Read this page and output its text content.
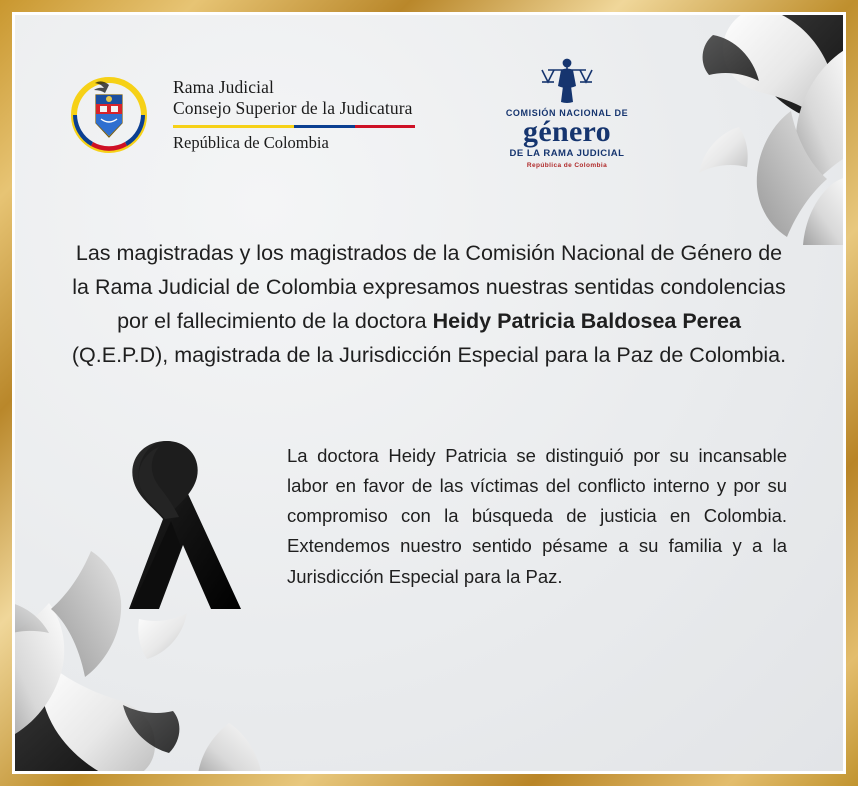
Rama Judicial
Consejo Superior de la Judicatura
República de Colombia
COMISIÓN NACIONAL DE
género
DE LA RAMA JUDICIAL
República de Colombia
Las magistradas y los magistrados de la Comisión Nacional de Género de la Rama Judicial de Colombia expresamos nuestras sentidas condolencias por el fallecimiento de la doctora Heidy Patricia Baldosea Perea (Q.E.P.D), magistrada de la Jurisdicción Especial para la Paz de Colombia.
La doctora Heidy Patricia se distinguió por su incansable labor en favor de las víctimas del conflicto interno y por su compromiso con la búsqueda de justicia en Colombia. Extendemos nuestro sentido pésame a su familia y a la Jurisdicción Especial para la Paz.
